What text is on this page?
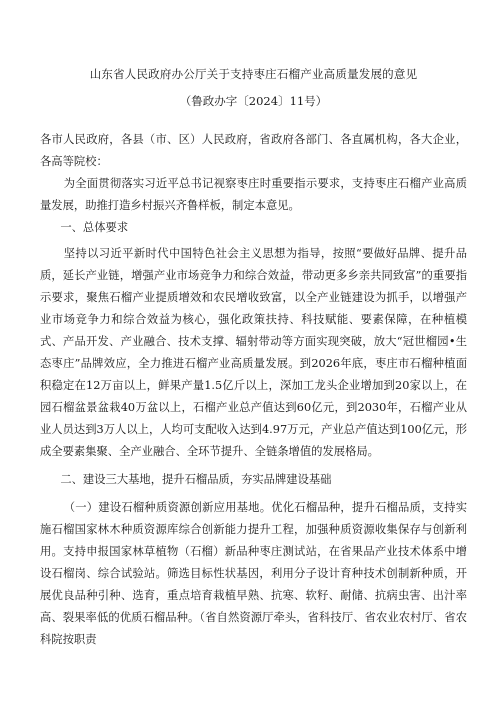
山东省人民政府办公厅关于支持枣庄石榴产业高质量发展的意见
（鲁政办字〔2024〕11号）

各市人民政府，各县（市、区）人民政府，省政府各部门、各直属机构，各大企业，各高等院校：

为全面贯彻落实习近平总书记视察枣庄时重要指示要求，支持枣庄石榴产业高质量发展，助推打造乡村振兴齐鲁样板，制定本意见。

一、总体要求

坚持以习近平新时代中国特色社会主义思想为指导，按照“要做好品牌、提升品质，延长产业链，增强产业市场竞争力和综合效益，带动更多乡亲共同致富”的重要指示要求，聚焦石榴产业提质增效和农民增收致富，以全产业链建设为抓手，以增强产业市场竞争力和综合效益为核心，强化政策扶持、科技赋能、要素保障，在种植模式、产品开发、产业融合、技术支撑、辐射带动等方面实现突破，放大“冠世榴园•生态枣庄”品牌效应，全力推进石榴产业高质量发展。到2026年底，枣庄市石榴种植面积稳定在12万亩以上，鲜果产量1.5亿斤以上，深加工龙头企业增加到20家以上，在园石榴盆景盆栽40万盆以上，石榴产业总产值达到60亿元，到2030年，石榴产业从业人员达到3万人以上，人均可支配收入达到4.97万元，产业总产值达到100亿元，形成全要素集聚、全产业融合、全环节提升、全链条增值的发展格局。

二、建设三大基地，提升石榴品质，夯实品牌建设基础

（一）建设石榴种质资源创新应用基地。优化石榴品种，提升石榴品质，支持实施石榴国家林木种质资源库综合创新能力提升工程，加强种质资源收集保存与创新利用。支持申报国家林草植物（石榴）新品种枣庄测试站，在省果品产业技术体系中增设石榴岗、综合试验站。筛选目标性状基因，利用分子设计育种技术创制新种质，开展优良品种引种、选育，重点培育栽植早熟、抗寒、软籽、耐储、抗病虫害、出汁率高、裂果率低的优质石榴品种。（省自然资源厅牵头，省科技厅、省农业农村厅、省农科院按职责
